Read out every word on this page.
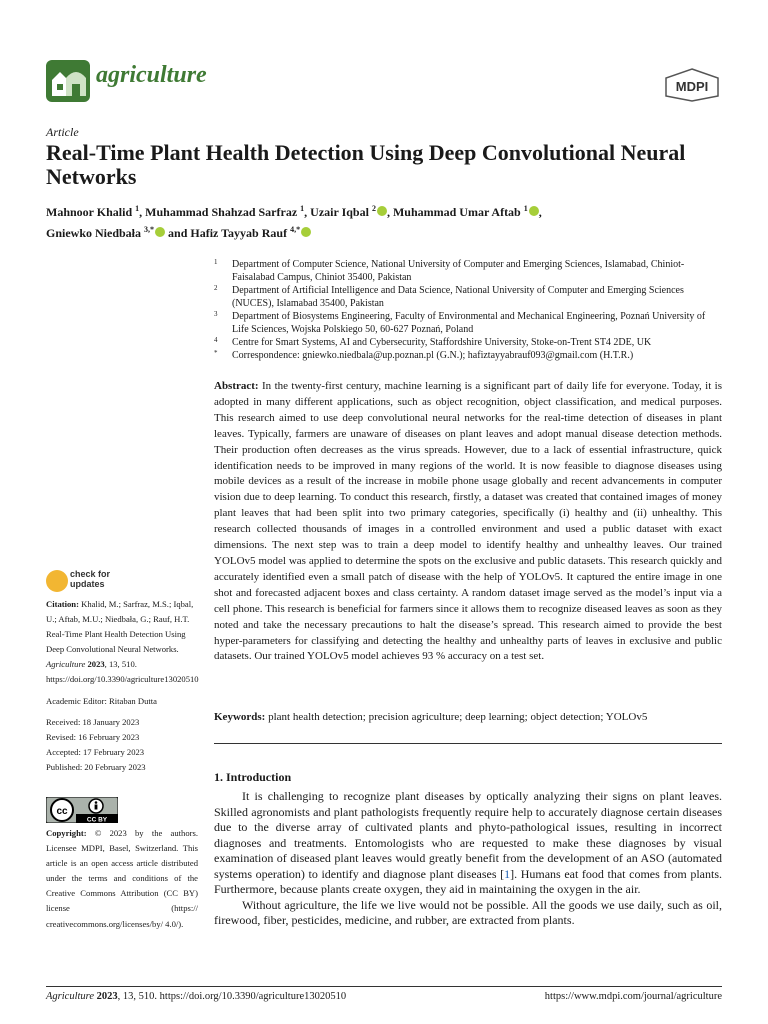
agriculture	MDPI
Article
Real-Time Plant Health Detection Using Deep Convolutional Neural Networks
Mahnoor Khalid $^1$, Muhammad Shahzad Sarfraz $^1$, Uzair Iqbal $^2$ , Muhammad Umar Aftab $^1$ ,
Gniewko Niedbała $^{3,*}$ and Hafiz Tayyab Rauf $^{4,*}$
1 Department of Computer Science, National University of Computer and Emerging Sciences, Islamabad, Chiniot-Faisalabad Campus, Chiniot 35400, Pakistan
2 Department of Artificial Intelligence and Data Science, National University of Computer and Emerging Sciences (NUCES), Islamabad 35400, Pakistan
3 Department of Biosystems Engineering, Faculty of Environmental and Mechanical Engineering, Poznań University of Life Sciences, Wojska Polskiego 50, 60-627 Poznań, Poland
4 Centre for Smart Systems, AI and Cybersecurity, Staffordshire University, Stoke-on-Trent ST4 2DE, UK
* Correspondence: gniewko.niedbala@up.poznan.pl (G.N.); hafiztayyabrauf093@gmail.com (H.T.R.)
Abstract: In the twenty-first century, machine learning is a significant part of daily life for everyone. Today, it is adopted in many different applications, such as object recognition, object classification, and medical purposes. This research aimed to use deep convolutional neural networks for the real-time detection of diseases in plant leaves. Typically, farmers are unaware of diseases on plant leaves and adopt manual disease detection methods. Their production often decreases as the virus spreads. However, due to a lack of essential infrastructure, quick identification needs to be improved in many regions of the world. It is now feasible to diagnose diseases using mobile devices as a result of the increase in mobile phone usage globally and recent advancements in computer vision due to deep learning. To conduct this research, firstly, a dataset was created that contained images of money plant leaves that had been split into two primary categories, specifically (i) healthy and (ii) unhealthy. This research collected thousands of images in a controlled environment and used a public dataset with exact dimensions. The next step was to train a deep model to identify healthy and unhealthy leaves. Our trained YOLOv5 model was applied to determine the spots on the exclusive and public datasets. This research quickly and accurately identified even a small patch of disease with the help of YOLOv5. It captured the entire image in one shot and forecasted adjacent boxes and class certainty. A random dataset image served as the model’s input via a cell phone. This research is beneficial for farmers since it allows them to recognize diseased leaves as soon as they noted and take the necessary precautions to halt the disease’s spread. This research aimed to provide the best hyper-parameters for classifying and detecting the healthy and unhealthy parts of leaves in exclusive and public datasets. Our trained YOLOv5 model achieves 93 % accuracy on a test set.
Keywords: plant health detection; precision agriculture; deep learning; object detection; YOLOv5
1. Introduction

It is challenging to recognize plant diseases by optically analyzing their signs on plant leaves. Skilled agronomists and plant pathologists frequently require help to accurately diagnose certain diseases due to the diverse array of cultivated plants and phyto-pathological issues, resulting in incorrect diagnoses and treatments. Entomologists who are requested to make these diagnoses by visual examination of diseased plant leaves would greatly benefit from the development of an ASO (automated systems operation) to identify and diagnose plant diseases [1]. Humans eat food that comes from plants. Furthermore, because plants create oxygen, they aid in maintaining the oxygen in the air.

Without agriculture, the life we live would not be possible. All the goods we use daily, such as oil, firewood, fiber, pesticides, medicine, and rubber, are extracted from plants.

check for
updates

Citation: Khalid, M.; Sarfraz, M.S.; Iqbal, U.; Aftab, M.U.; Niedbała, G.; Rauf, H.T. Real-Time Plant Health Detection Using Deep Convolutional Neural Networks. Agriculture 2023, 13, 510. https://doi.org/10.3390/agriculture13020510

Academic Editor: Ritaban Dutta

Received: 18 January 2023

Revised: 16 February 2023

Accepted: 17 February 2023

Published: 20 February 2023

cc
CC BY
Copyright: © 2023 by the authors. Licensee MDPI, Basel, Switzerland. This article is an open access article distributed under the terms and conditions of the Creative Commons Attribution (CC BY) license (https:// creativecommons.org/licenses/by/ 4.0/).
Agriculture 2023, 13, 510. https://doi.org/10.3390/agriculture13020510	https://www.mdpi.com/journal/agriculture
